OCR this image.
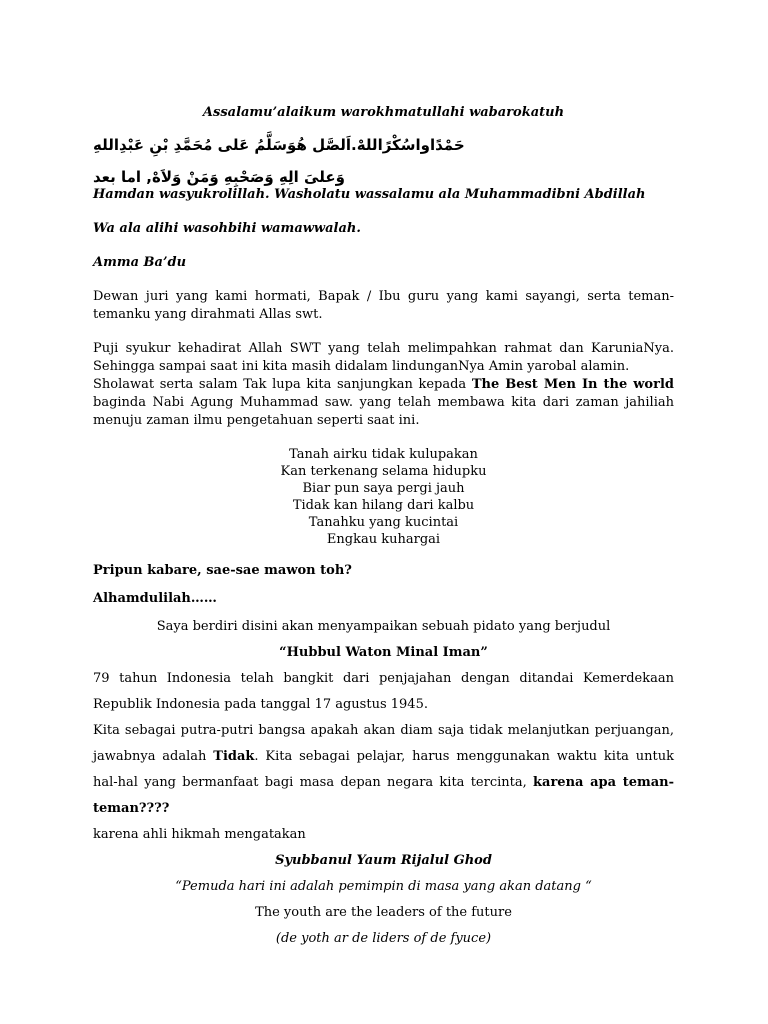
Assalamu’alaikum warokhmatullahi wabarokatuh
حَمْدًاواسُكْرًاللهْ.اَلصَّل هُوَسَلَّمُ عَلى مُحَمَّدِ بْنِ عَبْدِاللهِ
وَعلىَ الِهِ وَصَحْبِهِ وَمَنْ وَلاَهْ, اما بعد
Hamdan wasyukrolillah. Washolatu wassalamu ala Muhammadibni Abdillah
Wa ala alihi wasohbihi wamawwalah.
Amma Ba’du
Dewan juri yang kami hormati, Bapak / Ibu guru yang kami sayangi, serta teman-temanku yang dirahmati Allas swt.
Puji syukur kehadirat Allah SWT yang telah melimpahkan rahmat dan KaruniaNya. Sehingga sampai saat ini kita masih didalam lindunganNya Amin yarobal alamin.
Sholawat serta salam Tak lupa kita sanjungkan kepada The Best Men In the world baginda Nabi Agung Muhammad saw. yang telah membawa kita dari zaman jahiliah menuju zaman ilmu pengetahuan seperti saat ini.
Tanah airku tidak kulupakan
Kan terkenang selama hidupku
Biar pun saya pergi jauh
Tidak kan hilang dari kalbu
Tanahku yang kucintai
Engkau kuhargai
Pripun kabare, sae-sae mawon toh?
Alhamdulilah……
Saya berdiri disini akan menyampaikan sebuah pidato yang berjudul
“Hubbul Waton Minal Iman”
79 tahun Indonesia telah bangkit dari penjajahan dengan ditandai Kemerdekaan Republik Indonesia pada tanggal 17 agustus 1945.
Kita sebagai putra-putri bangsa apakah akan diam saja tidak melanjutkan perjuangan, jawabnya adalah Tidak. Kita sebagai pelajar, harus menggunakan waktu kita untuk hal-hal yang bermanfaat bagi masa depan negara kita tercinta, karena apa teman-teman????
karena ahli hikmah mengatakan
Syubbanul Yaum Rijalul Ghod
“Pemuda hari ini adalah pemimpin di masa yang akan datang “
The youth are the leaders of the future
(de yoth ar de liders of de fyuce)
